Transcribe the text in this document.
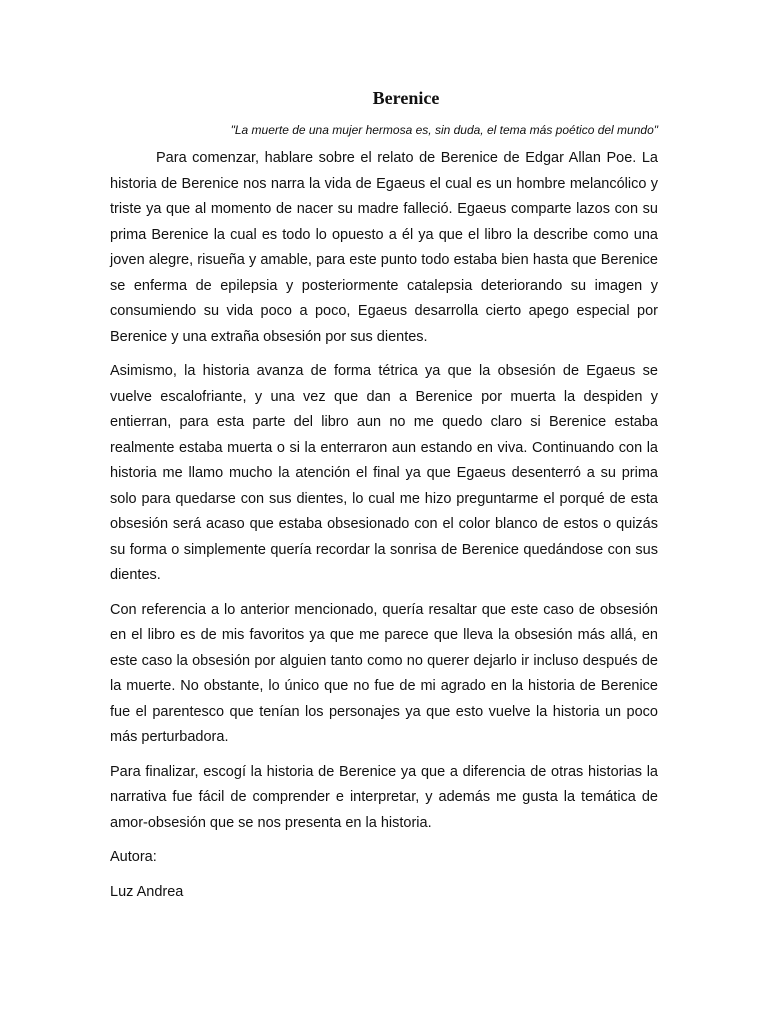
Berenice

"La muerte de una mujer hermosa es, sin duda, el tema más poético del mundo"

Para comenzar, hablare sobre el relato de Berenice de Edgar Allan Poe. La historia de Berenice nos narra la vida de Egaeus el cual es un hombre melancólico y triste ya que al momento de nacer su madre falleció. Egaeus comparte lazos con su prima Berenice la cual es todo lo opuesto a él ya que el libro la describe como una joven alegre, risueña y amable, para este punto todo estaba bien hasta que Berenice se enferma de epilepsia y posteriormente catalepsia deteriorando su imagen y consumiendo su vida poco a poco, Egaeus desarrolla cierto apego especial por Berenice y una extraña obsesión por sus dientes.

Asimismo, la historia avanza de forma tétrica ya que la obsesión de Egaeus se vuelve escalofriante, y una vez que dan a Berenice por muerta la despiden y entierran, para esta parte del libro aun no me quedo claro si Berenice estaba realmente estaba muerta o si la enterraron aun estando en viva. Continuando con la historia me llamo mucho la atención el final ya que Egaeus desenterró a su prima solo para quedarse con sus dientes, lo cual me hizo preguntarme el porqué de esta obsesión será acaso que estaba obsesionado con el color blanco de estos o quizás su forma o simplemente quería recordar la sonrisa de Berenice quedándose con sus dientes.

Con referencia a lo anterior mencionado, quería resaltar que este caso de obsesión en el libro es de mis favoritos ya que me parece que lleva la obsesión más allá, en este caso la obsesión por alguien tanto como no querer dejarlo ir incluso después de la muerte. No obstante, lo único que no fue de mi agrado en la historia de Berenice fue el parentesco que tenían los personajes ya que esto vuelve la historia un poco más perturbadora.

Para finalizar, escogí la historia de Berenice ya que a diferencia de otras historias la narrativa fue fácil de comprender e interpretar, y además me gusta la temática de amor-obsesión que se nos presenta en la historia.

Autora:

Luz Andrea
